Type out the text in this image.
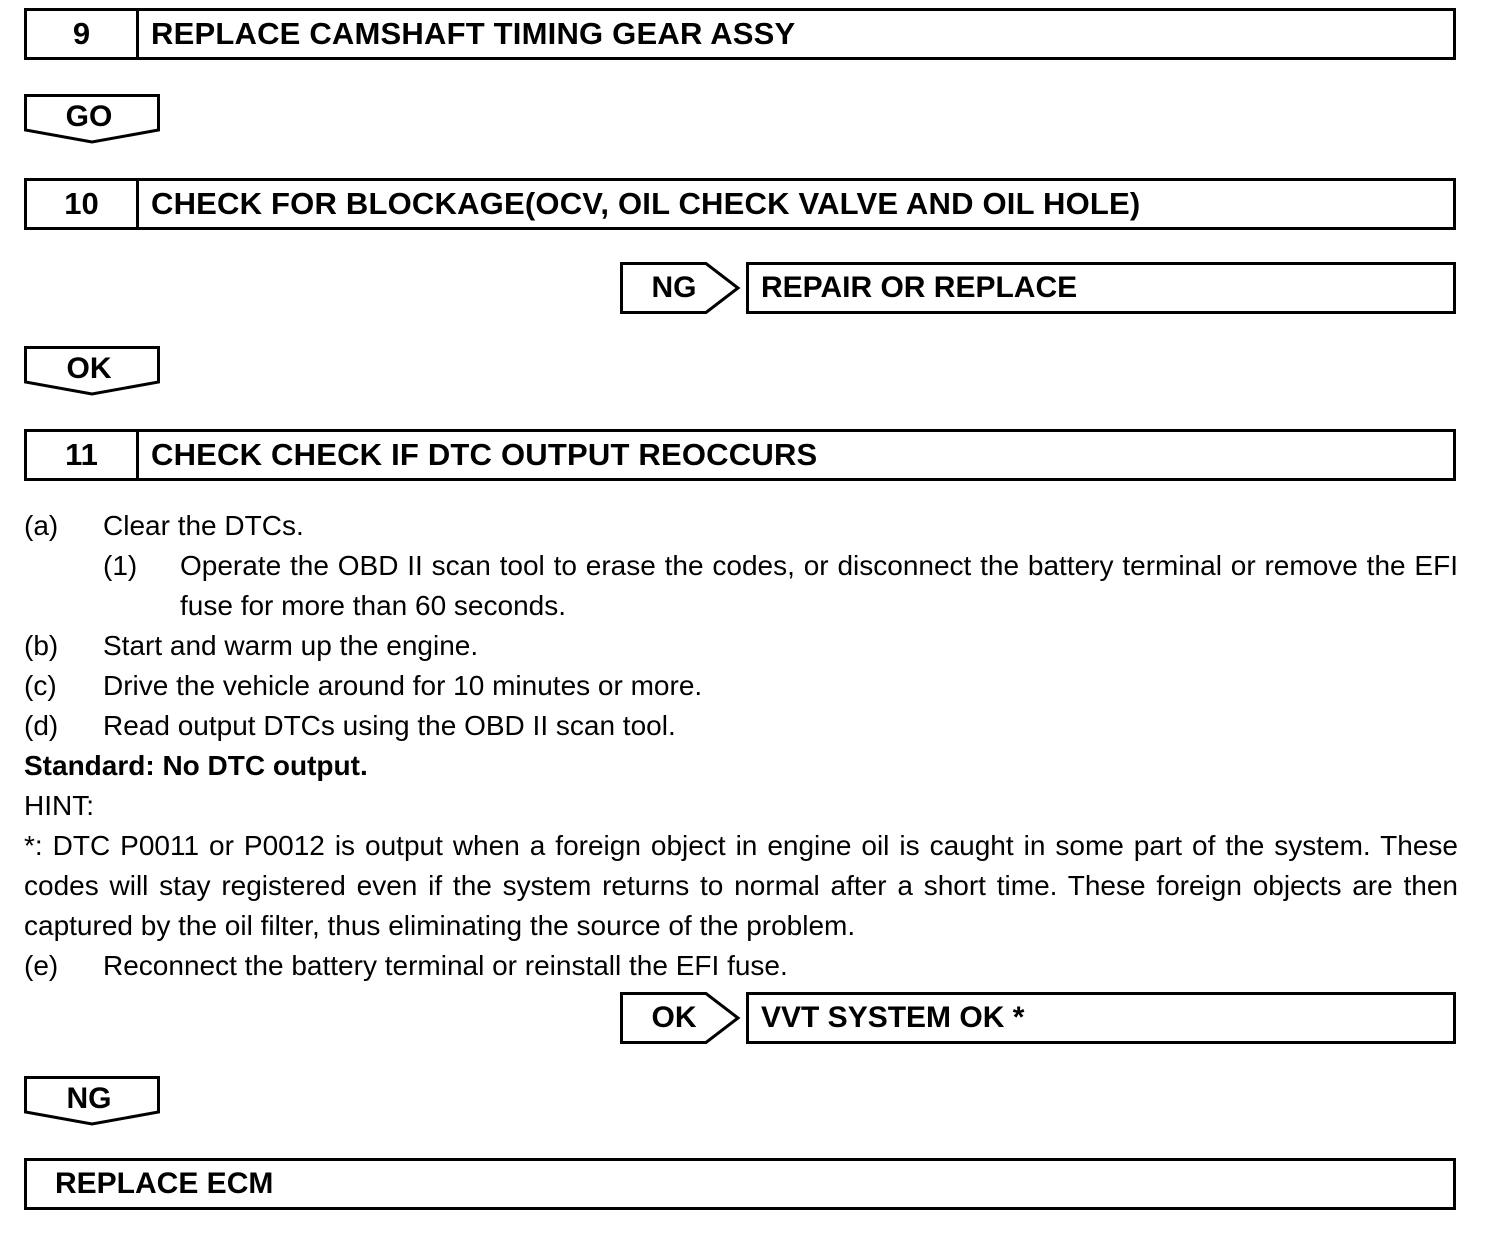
9	REPLACE CAMSHAFT TIMING GEAR ASSY
GO
10	CHECK FOR BLOCKAGE(OCV, OIL CHECK VALVE AND OIL HOLE)
NG	REPAIR OR REPLACE
OK
11	CHECK CHECK IF DTC OUTPUT REOCCURS
(a)	Clear the DTCs.
(1)	Operate the OBD II scan tool to erase the codes, or disconnect the battery terminal or remove the EFI fuse for more than 60 seconds.
(b)	Start and warm up the engine.
(c)	Drive the vehicle around for 10 minutes or more.
(d)	Read output DTCs using the OBD II scan tool.
Standard: No DTC output.
HINT:
*: DTC P0011 or P0012 is output when a foreign object in engine oil is caught in some part of the system. These codes will stay registered even if the system returns to normal after a short time. These foreign objects are then captured by the oil filter, thus eliminating the source of the problem.
(e)	Reconnect the battery terminal or reinstall the EFI fuse.
OK	VVT SYSTEM OK *
NG
REPLACE ECM
